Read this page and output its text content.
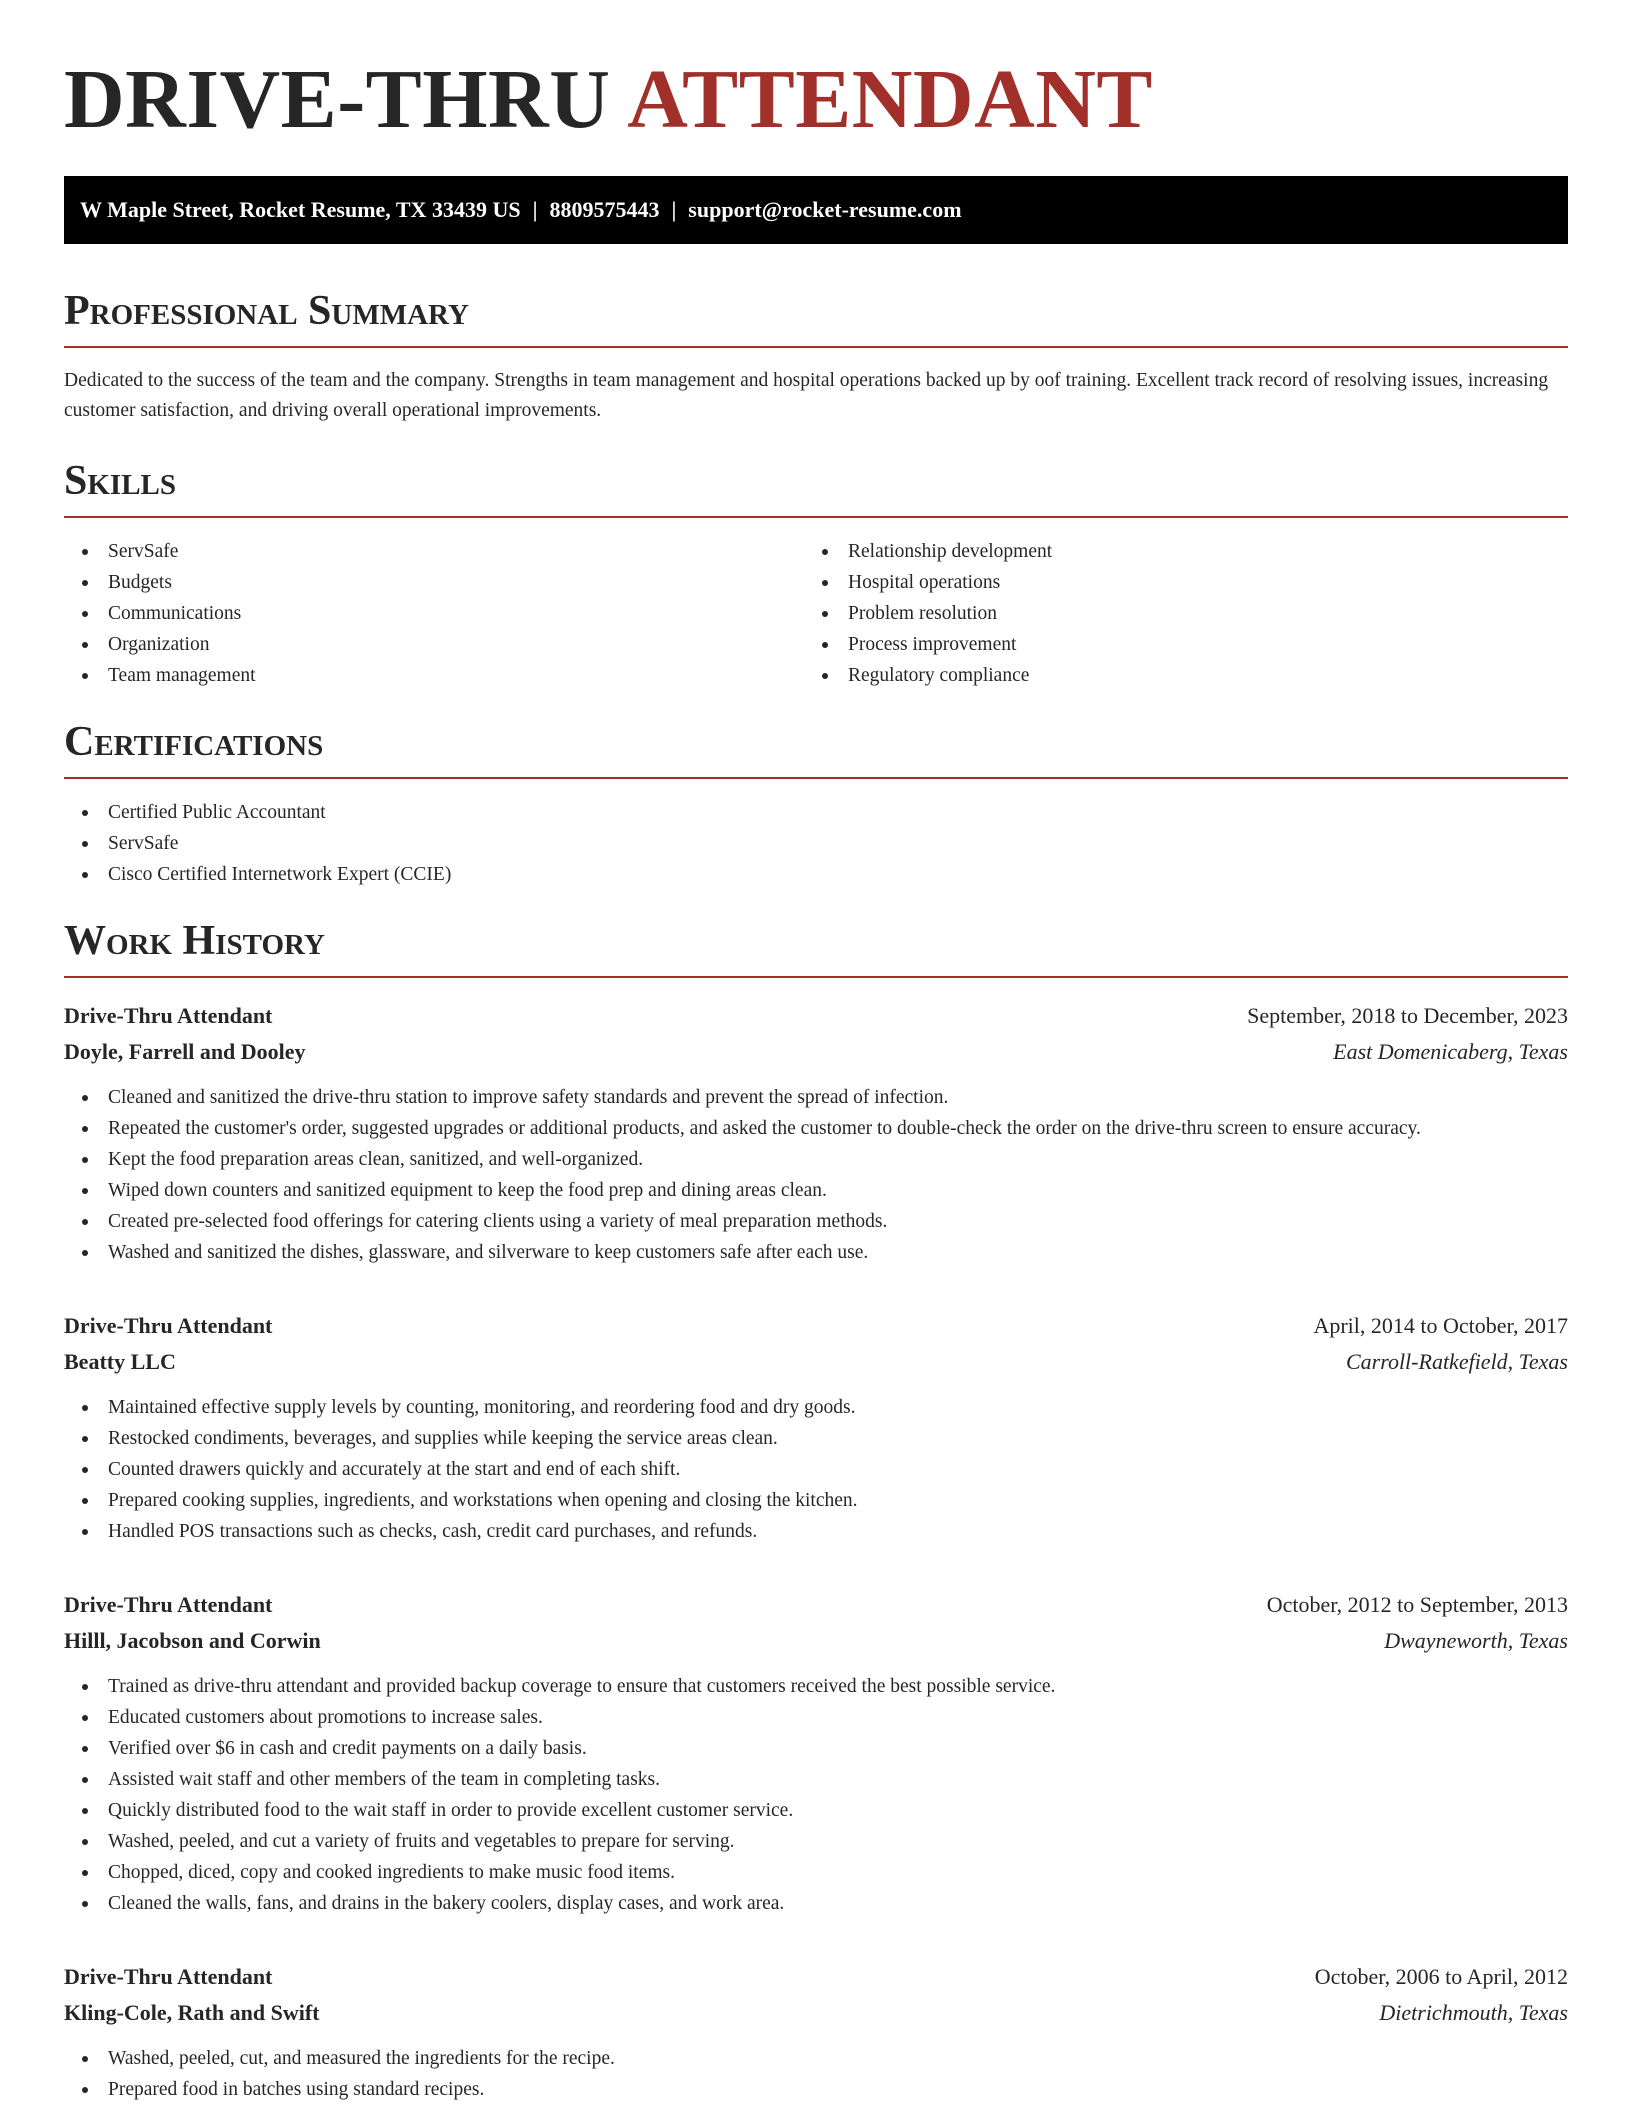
DRIVE-THRU ATTENDANT
W Maple Street, Rocket Resume, TX 33439 US | 8809575443 | support@rocket-resume.com
Professional Summary

Dedicated to the success of the team and the company. Strengths in team management and hospital operations backed up by oof training. Excellent track record of resolving issues, increasing customer satisfaction, and driving overall operational improvements.

Skills
ServSafe
Budgets
Communications
Organization
Team management
Relationship development
Hospital operations
Problem resolution
Process improvement
Regulatory compliance
Certifications
Certified Public Accountant
ServSafe
Cisco Certified Internetwork Expert (CCIE)
Work History
Drive-Thru Attendant	September, 2018 to December, 2023
Doyle, Farrell and Dooley	East Domenicaberg, Texas
Cleaned and sanitized the drive-thru station to improve safety standards and prevent the spread of infection.
Repeated the customer's order, suggested upgrades or additional products, and asked the customer to double-check the order on the drive-thru screen to ensure accuracy.
Kept the food preparation areas clean, sanitized, and well-organized.
Wiped down counters and sanitized equipment to keep the food prep and dining areas clean.
Created pre-selected food offerings for catering clients using a variety of meal preparation methods.
Washed and sanitized the dishes, glassware, and silverware to keep customers safe after each use.
Drive-Thru Attendant	April, 2014 to October, 2017
Beatty LLC	Carroll-Ratkefield, Texas
Maintained effective supply levels by counting, monitoring, and reordering food and dry goods.
Restocked condiments, beverages, and supplies while keeping the service areas clean.
Counted drawers quickly and accurately at the start and end of each shift.
Prepared cooking supplies, ingredients, and workstations when opening and closing the kitchen.
Handled POS transactions such as checks, cash, credit card purchases, and refunds.
Drive-Thru Attendant	October, 2012 to September, 2013
Hilll, Jacobson and Corwin	Dwayneworth, Texas
Trained as drive-thru attendant and provided backup coverage to ensure that customers received the best possible service.
Educated customers about promotions to increase sales.
Verified over $6 in cash and credit payments on a daily basis.
Assisted wait staff and other members of the team in completing tasks.
Quickly distributed food to the wait staff in order to provide excellent customer service.
Washed, peeled, and cut a variety of fruits and vegetables to prepare for serving.
Chopped, diced, copy and cooked ingredients to make music food items.
Cleaned the walls, fans, and drains in the bakery coolers, display cases, and work area.
Drive-Thru Attendant	October, 2006 to April, 2012
Kling-Cole, Rath and Swift	Dietrichmouth, Texas
Washed, peeled, cut, and measured the ingredients for the recipe.
Prepared food in batches using standard recipes.
